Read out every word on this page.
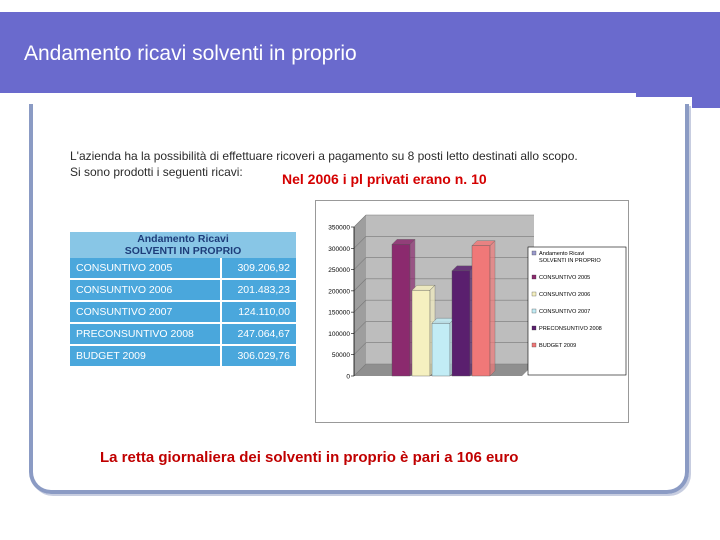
Andamento ricavi solventi in proprio
L'azienda ha la possibilità di effettuare ricoveri a pagamento su 8 posti letto destinati allo scopo.
Si sono prodotti i seguenti ricavi:	Nel 2006 i pl privati erano n. 10
Andamento Ricavi
SOLVENTI IN PROPRIO	

CONSUNTIVO 2005	309.206,92
CONSUNTIVO 2006	201.483,23
CONSUNTIVO 2007	124.110,00
PRECONSUNTIVO 2008	247.064,67
BUDGET 2009	306.029,76
0
50000
100000
150000
200000
250000
300000
350000
Andamento Ricavi
SOLVENTI IN PROPRIO
CONSUNTIVO 2005
CONSUNTIVO 2006
CONSUNTIVO 2007
PRECONSUNTIVO 2008
BUDGET 2009
La retta giornaliera dei solventi in proprio è pari a 106 euro
